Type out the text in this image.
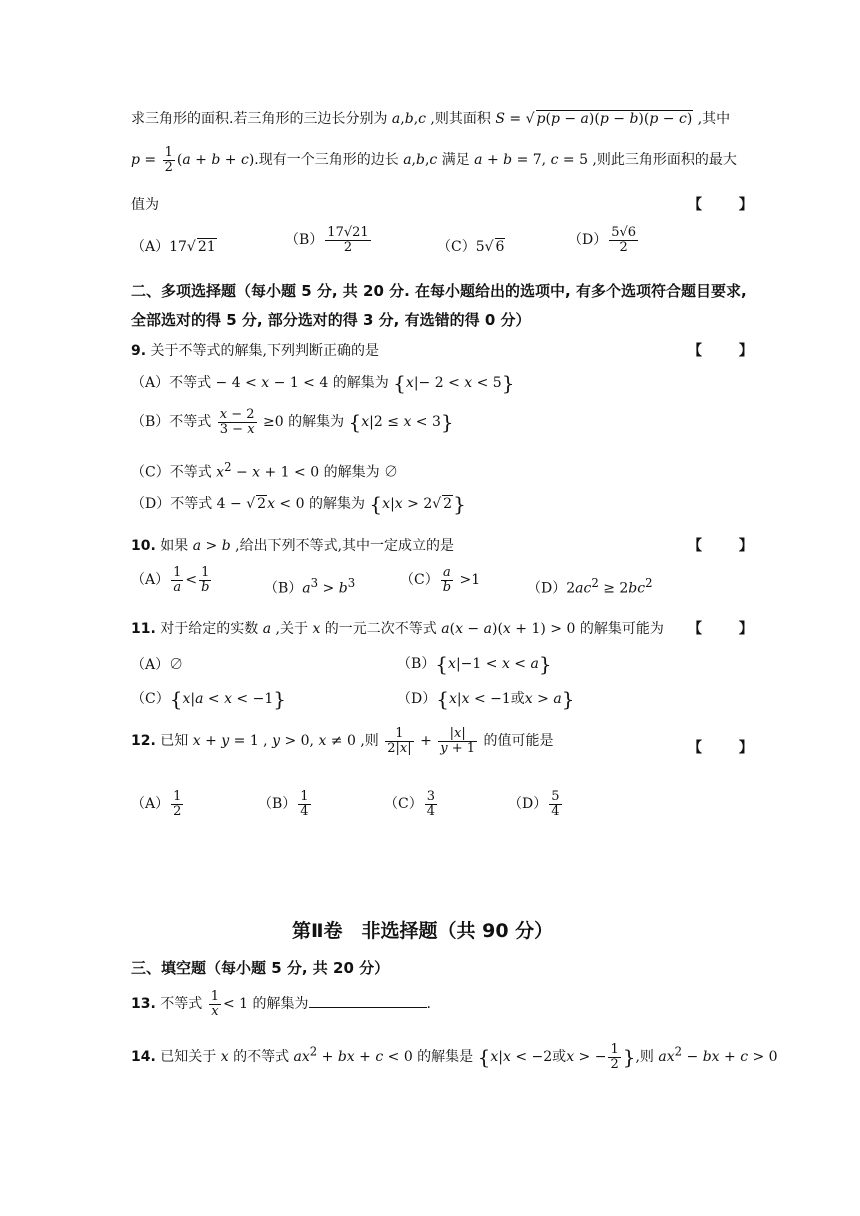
求三角形的面积.若三角形的三边长分别为 a,b,c ,则其面积 S = √ p(p − a)(p − b)(p − c) ,其中
$p = \frac{1}{2} (a + b + c)$.现有一个三角形的边长 a,b,c 满足 a + b = 7, c = 5 ,则此三角形面积的最大
值为	【 】
（A）17√ 21	$(B) \frac{17√21}{2}$	（C）5√ 6	$(D) \frac{5√6}{2}$
二、多项选择题（每小题 5 分, 共 20 分. 在每小题给出的选项中, 有多个选项符合题目要求,
全部选对的得 5 分, 部分选对的得 3 分, 有选错的得 0 分）
9. 关于不等式的解集,下列判断正确的是	【 】
（A）不等式 − 4 < x − 1 < 4 的解集为 {x|− 2 < x < 5}
（B）不等式 $\frac{x - 2}{3 - x} \ge 0$ 的解集为 {x|2 ≤ x < 3}
（C）不等式 $x^2 - x + 1 < 0$ 的解集为 ∅
（D）不等式 4 − √ 2x < 0 的解集为 {x|x > 2√ 2}
10. 如果 a > b ,给出下列不等式,其中一定成立的是	【 】
$(A) \frac{1}{a} < \frac{1}{b}$	$(B)a^3 > b^3$	$(C) \frac{a}{b} >1$
$(D)2ac^2 \ge 2bc^2$
11. 对于给定的实数 a ,关于 x 的一元二次不等式 a(x − a)(x + 1) > 0 的解集可能为 【 】
（A）∅	（B）{x|−1 < x < a}
（C）{x|a < x < −1}	（D）{x|x < −1或x > a}
12. 已知 x + y = 1 , y > 0, x ≠ 0 ,则 $\frac{1}{2|x|} + \frac{|x|}{y + 1}$ 的值可能是	【 】
$(A) \frac{1}{2}$	$(B) \frac{1}{4}$	$(C) \frac{3}{4}$	$(D) \frac{5}{4}$
第Ⅱ卷　非选择题（共 90 分）
三、填空题（每小题 5 分, 共 20 分）
13. 不等式 $\frac{1}{x} < 1$ 的解集为	.
14. 已知关于 x 的不等式 $ax^2$ + bx + c < 0 的解集是 {x|x < −2或x > − $\frac{1}{2}$ },则 $ax^2$ − bx + c > 0
